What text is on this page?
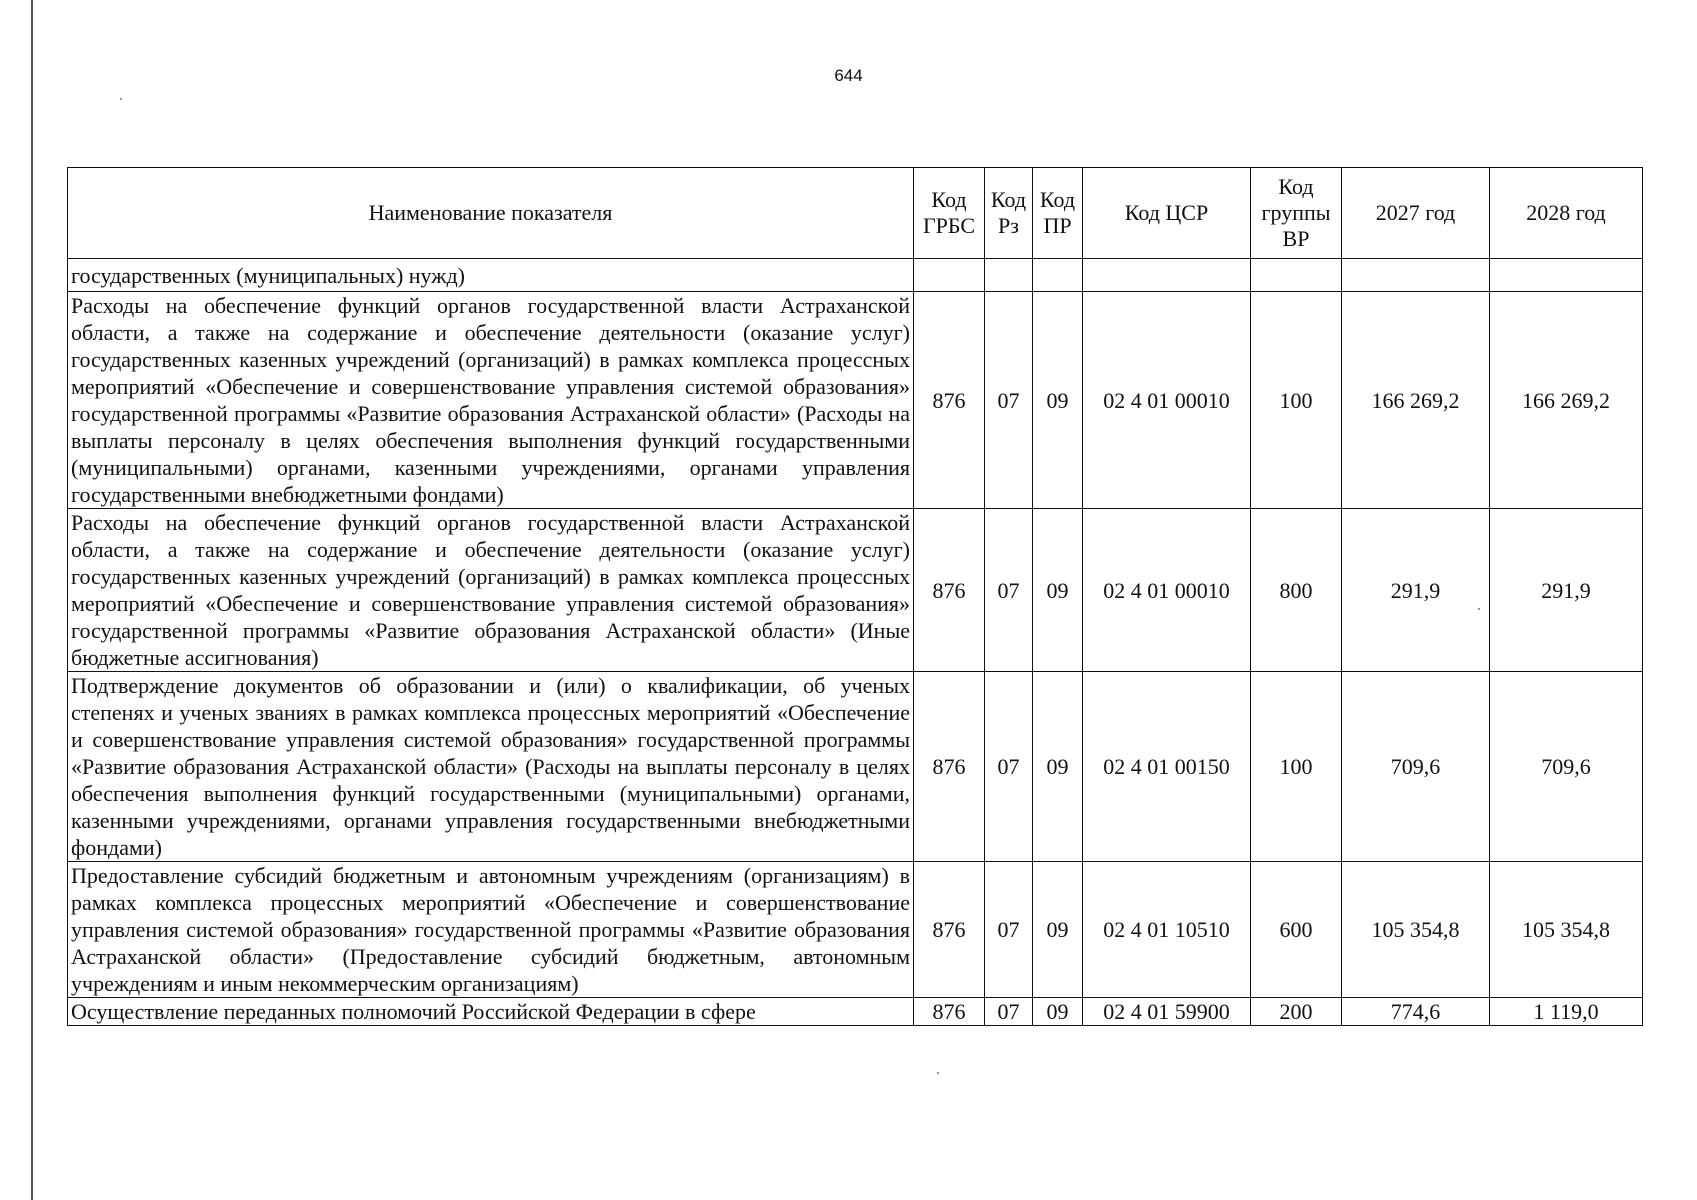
644
Наименование показателя	Код ГРБС	Код Рз	Код ПР	Код ЦСР	Код группы ВР	2027 год	2028 год
государственных (муниципальных) нужд)							
Расходы на обеспечение функций органов государственной власти Астраханской области, а также на содержание и обеспечение деятельности (оказание услуг) государственных казенных учреждений (организаций) в рамках комплекса процессных мероприятий «Обеспечение и совершенствование управления системой образования» государственной программы «Развитие образования Астраханской области» (Расходы на выплаты персоналу в целях обеспечения выполнения функций государственными (муниципальными) органами, казенными учреждениями, органами управления государственными внебюджетными фондами)	876	07	09	02 4 01 00010	100	166 269,2	166 269,2
Расходы на обеспечение функций органов государственной власти Астраханской области, а также на содержание и обеспечение деятельности (оказание услуг) государственных казенных учреждений (организаций) в рамках комплекса процессных мероприятий «Обеспечение и совершенствование управления системой образования» государственной программы «Развитие образования Астраханской области» (Иные бюджетные ассигнования)	876	07	09	02 4 01 00010	800	291,9	291,9
Подтверждение документов об образовании и (или) о квалификации, об ученых степенях и ученых званиях в рамках комплекса процессных мероприятий «Обеспечение и совершенствование управления системой образования» государственной программы «Развитие образования Астраханской области» (Расходы на выплаты персоналу в целях обеспечения выполнения функций государственными (муниципальными) органами, казенными учреждениями, органами управления государственными внебюджетными фондами)	876	07	09	02 4 01 00150	100	709,6	709,6
Предоставление субсидий бюджетным и автономным учреждениям (организациям) в рамках комплекса процессных мероприятий «Обеспечение и совершенствование управления системой образования» государственной программы «Развитие образования Астраханской области» (Предоставление субсидий бюджетным, автономным учреждениям и иным некоммерческим организациям)	876	07	09	02 4 01 10510	600	105 354,8	105 354,8
Осуществление переданных полномочий Российской Федерации в сфере	876	07	09	02 4 01 59900	200	774,6	1 119,0
